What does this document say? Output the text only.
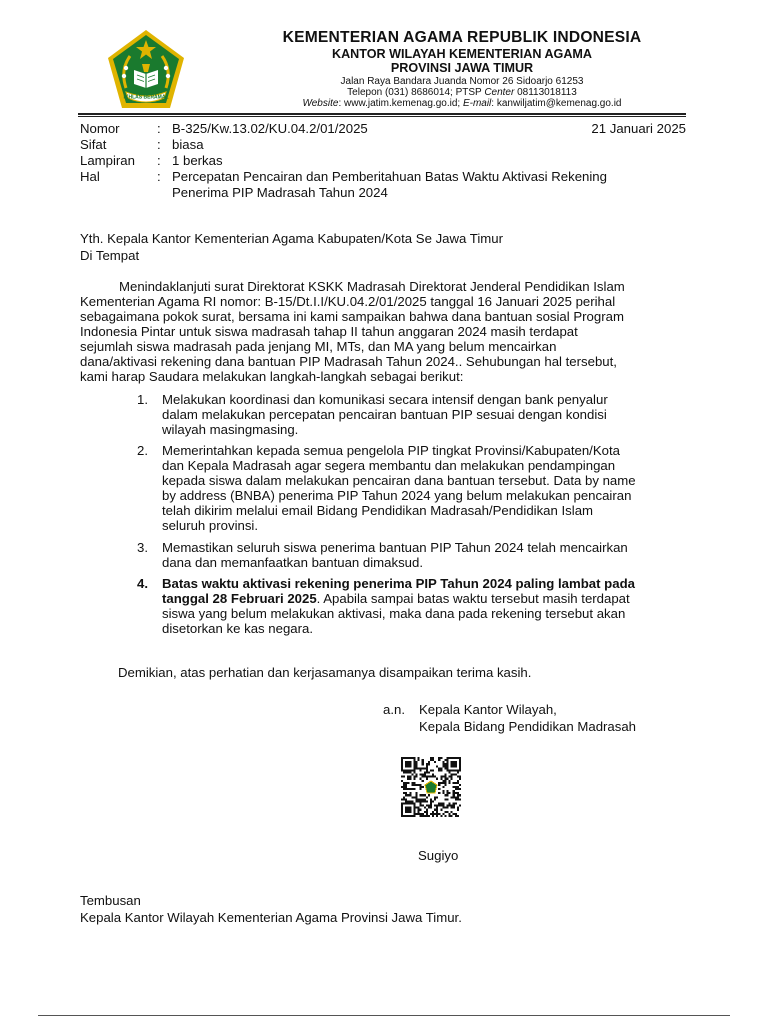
IKHLAS BERAMAL
KEMENTERIAN AGAMA REPUBLIK INDONESIA
KANTOR WILAYAH KEMENTERIAN AGAMA
PROVINSI JAWA TIMUR
Jalan Raya Bandara Juanda Nomor 26 Sidoarjo 61253
Telepon (031) 8686014; PTSP Center 08113018113
Website: www.jatim.kemenag.go.id; E-mail: kanwiljatim@kemenag.go.id
21 Januari 2025
Nomor	: B-325/Kw.13.02/KU.04.2/01/2025
Sifat	: biasa
Lampiran : 1 berkas
Hal	: Percepatan Pencairan dan Pemberitahuan Batas Waktu Aktivasi Rekening
Penerima PIP Madrasah Tahun 2024
Yth. Kepala Kantor Kementerian Agama Kabupaten/Kota Se Jawa Timur
Di Tempat
Menindaklanjuti surat Direktorat KSKK Madrasah Direktorat Jenderal Pendidikan Islam
Kementerian Agama RI nomor: B-15/Dt.I.I/KU.04.2/01/2025 tanggal 16 Januari 2025 perihal
sebagaimana pokok surat, bersama ini kami sampaikan bahwa dana bantuan sosial Program
Indonesia Pintar untuk siswa madrasah tahap II tahun anggaran 2024 masih terdapat
sejumlah siswa madrasah pada jenjang MI, MTs, dan MA yang belum mencairkan
dana/aktivasi rekening dana bantuan PIP Madrasah Tahun 2024.. Sehubungan hal tersebut,
kami harap Saudara melakukan langkah-langkah sebagai berikut:
1. Melakukan koordinasi dan komunikasi secara intensif dengan bank penyalur
dalam melakukan percepatan pencairan bantuan PIP sesuai dengan kondisi
wilayah masingmasing.
2. Memerintahkan kepada semua pengelola PIP tingkat Provinsi/Kabupaten/Kota
dan Kepala Madrasah agar segera membantu dan melakukan pendampingan
kepada siswa dalam melakukan pencairan dana bantuan tersebut. Data by name
by address (BNBA) penerima PIP Tahun 2024 yang belum melakukan pencairan
telah dikirim melalui email Bidang Pendidikan Madrasah/Pendidikan Islam
seluruh provinsi.
3. Memastikan seluruh siswa penerima bantuan PIP Tahun 2024 telah mencairkan
dana dan memanfaatkan bantuan dimaksud.
4. Batas waktu aktivasi rekening penerima PIP Tahun 2024 paling lambat pada
tanggal 28 Februari 2025. Apabila sampai batas waktu tersebut masih terdapat
siswa yang belum melakukan aktivasi, maka dana pada rekening tersebut akan
disetorkan ke kas negara.
Demikian, atas perhatian dan kerjasamanya disampaikan terima kasih.
a.n. Kepala Kantor Wilayah,
Kepala Bidang Pendidikan Madrasah
Sugiyo
Tembusan
Kepala Kantor Wilayah Kementerian Agama Provinsi Jawa Timur.
